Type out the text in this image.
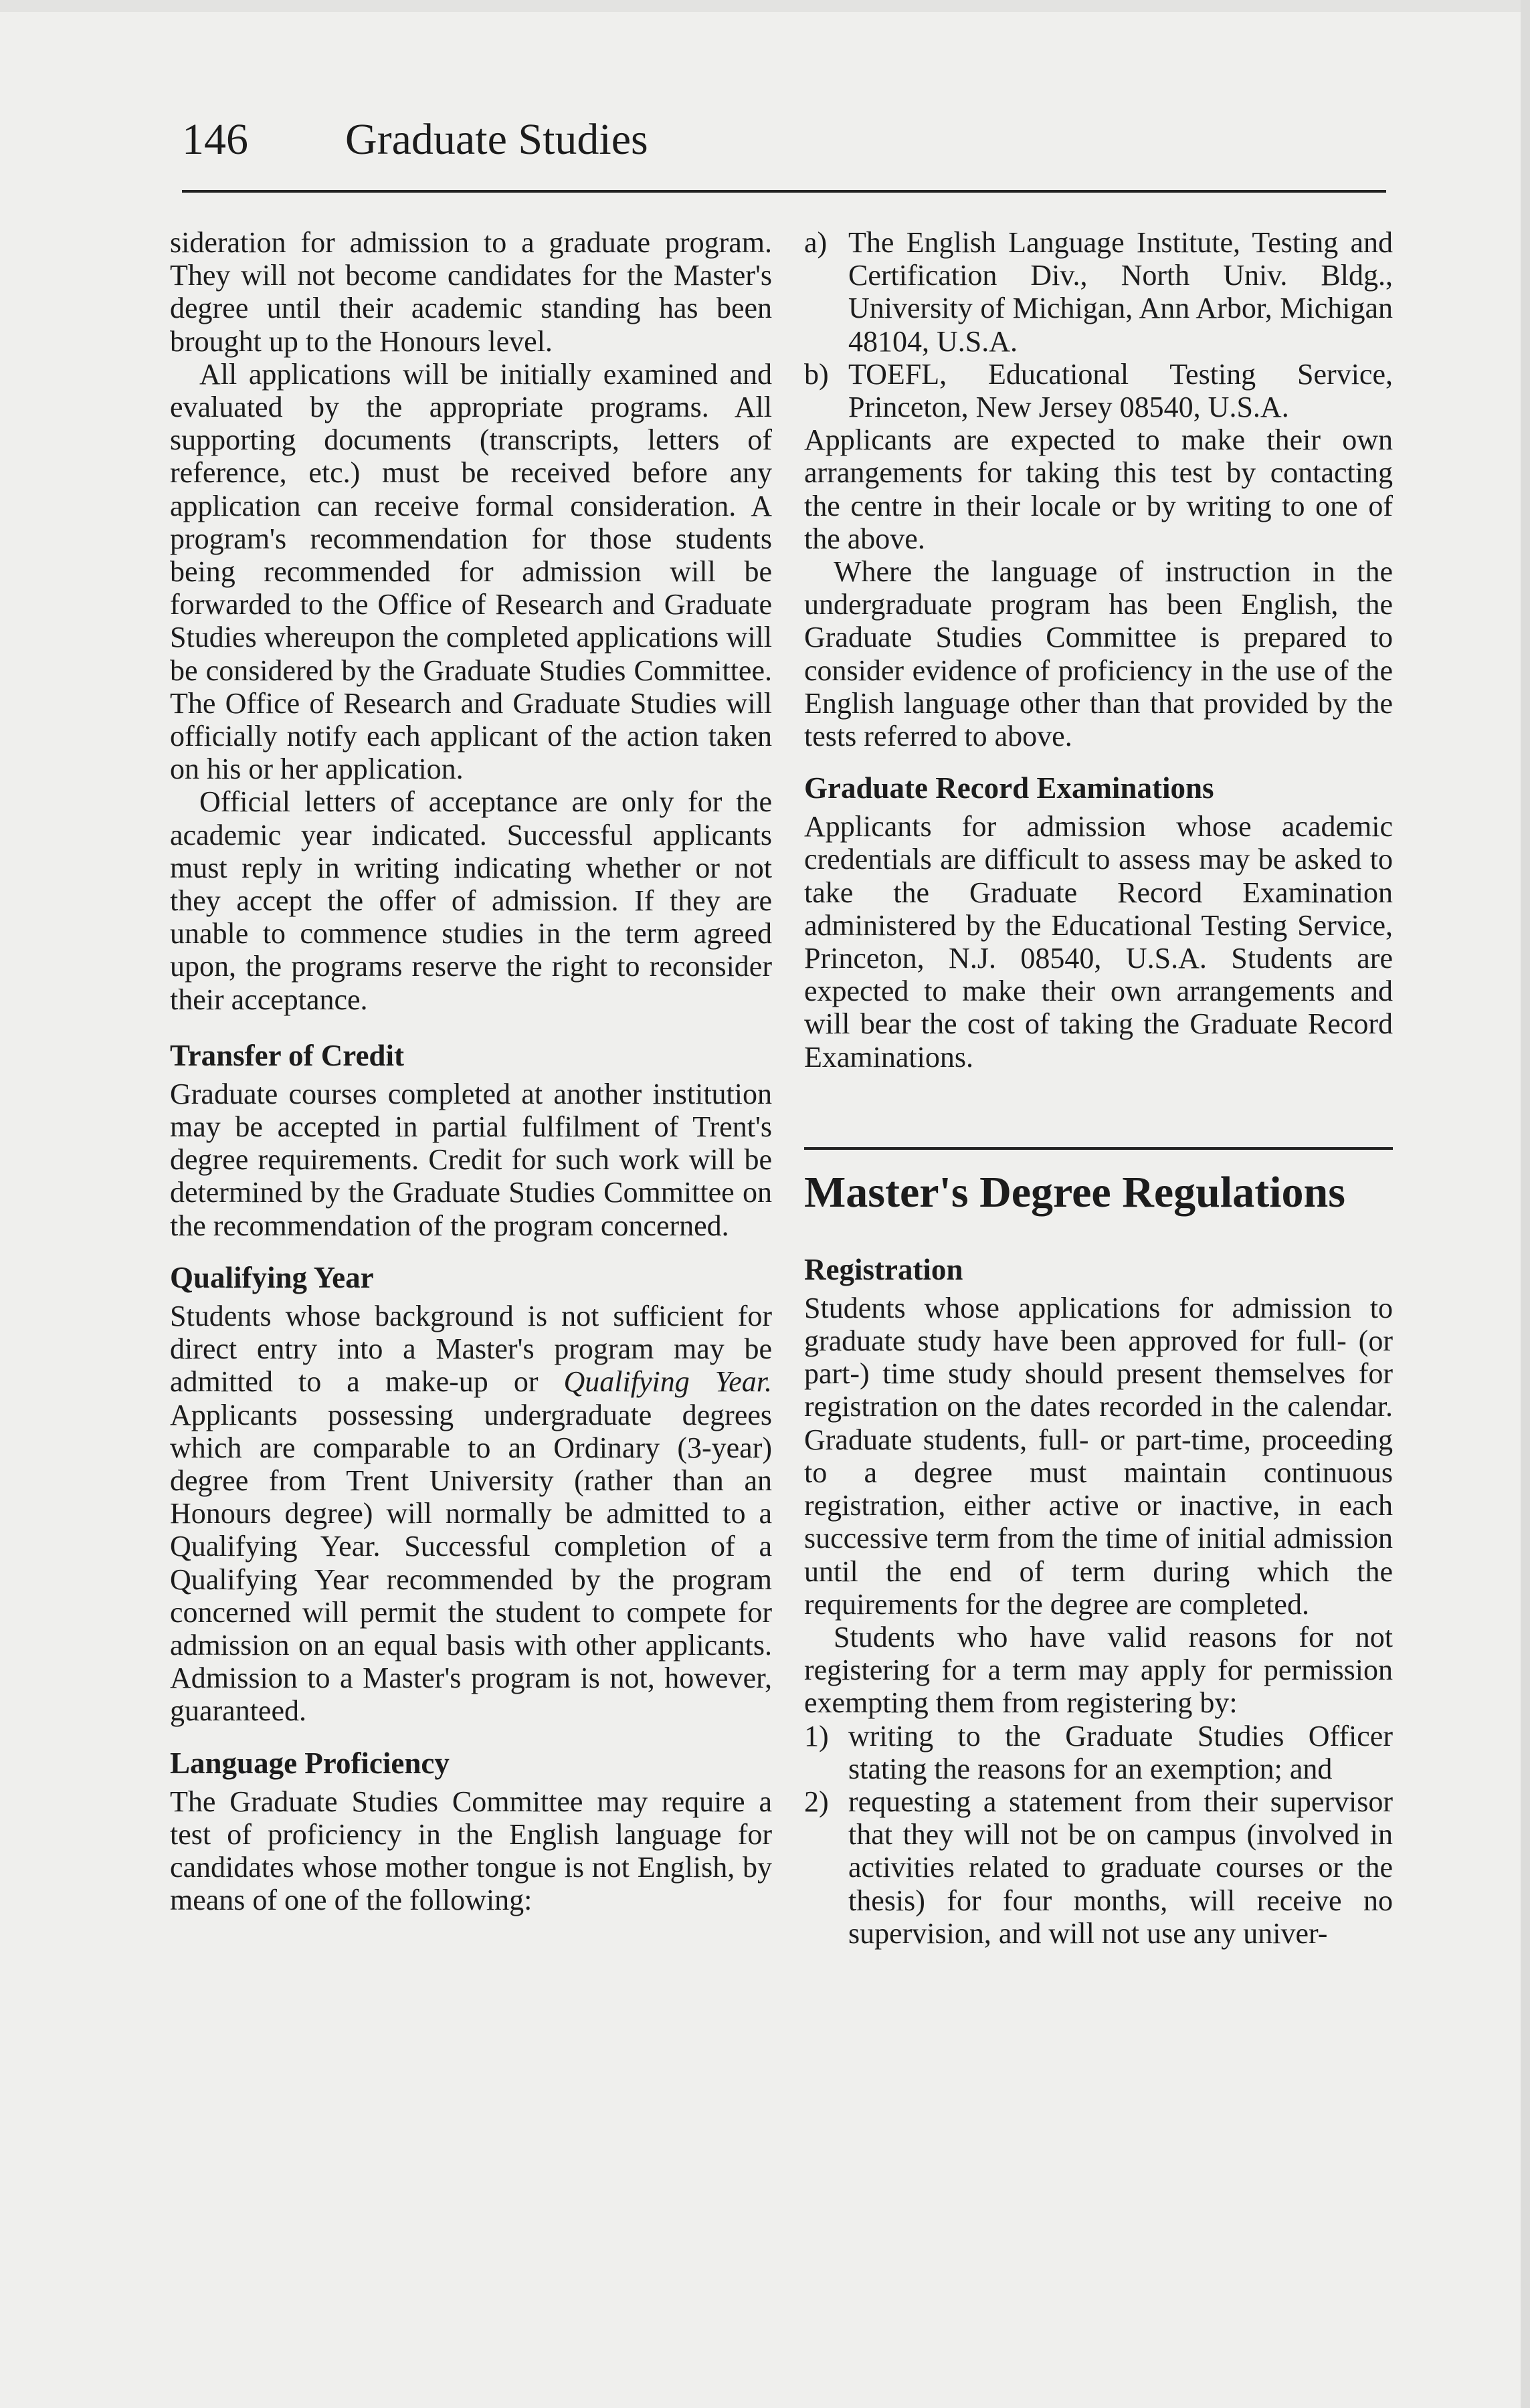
146 Graduate Studies

sideration for admission to a graduate program. They will not become candidates for the Master's degree until their academic standing has been brought up to the Honours level.

All applications will be initially examined and evaluated by the appropriate programs. All supporting documents (transcripts, letters of reference, etc.) must be received before any application can receive formal consideration. A program's recommendation for those students being recommended for admission will be forwarded to the Office of Research and Graduate Studies whereupon the completed applications will be considered by the Graduate Studies Committee. The Office of Research and Graduate Studies will officially notify each applicant of the action taken on his or her application.

Official letters of acceptance are only for the academic year indicated. Successful applicants must reply in writing indicating whether or not they accept the offer of admission. If they are unable to commence studies in the term agreed upon, the programs reserve the right to reconsider their acceptance.

Transfer of Credit

Graduate courses completed at another institution may be accepted in partial fulfilment of Trent's degree requirements. Credit for such work will be determined by the Graduate Studies Committee on the recommendation of the program concerned.

Qualifying Year

Students whose background is not sufficient for direct entry into a Master's program may be admitted to a make-up or Qualifying Year. Applicants possessing undergraduate degrees which are comparable to an Ordinary (3-year) degree from Trent University (rather than an Honours degree) will normally be admitted to a Qualifying Year. Successful completion of a Qualifying Year recommended by the program concerned will permit the student to compete for admission on an equal basis with other applicants. Admission to a Master's program is not, however, guaranteed.

Language Proficiency

The Graduate Studies Committee may require a test of proficiency in the English language for candidates whose mother tongue is not English, by means of one of the following:

a) The English Language Institute, Testing and Certification Div., North Univ. Bldg., University of Michigan, Ann Arbor, Michigan 48104, U.S.A.
b) TOEFL, Educational Testing Service, Princeton, New Jersey 08540, U.S.A.

Applicants are expected to make their own arrangements for taking this test by contacting the centre in their locale or by writing to one of the above.

Where the language of instruction in the undergraduate program has been English, the Graduate Studies Committee is prepared to consider evidence of proficiency in the use of the English language other than that provided by the tests referred to above.

Graduate Record Examinations

Applicants for admission whose academic credentials are difficult to assess may be asked to take the Graduate Record Examination administered by the Educational Testing Service, Princeton, N.J. 08540, U.S.A. Students are expected to make their own arrangements and will bear the cost of taking the Graduate Record Examinations.

Master's Degree Regulations
Registration

Students whose applications for admission to graduate study have been approved for full- (or part-) time study should present themselves for registration on the dates recorded in the calendar. Graduate students, full- or part-time, proceeding to a degree must maintain continuous registration, either active or inactive, in each successive term from the time of initial admission until the end of term during which the requirements for the degree are completed.

Students who have valid reasons for not registering for a term may apply for permission exempting them from registering by:

1) writing to the Graduate Studies Officer stating the reasons for an exemption; and
2) requesting a statement from their supervisor that they will not be on campus (involved in activities related to graduate courses or the thesis) for four months, will receive no supervision, and will not use any univer-
